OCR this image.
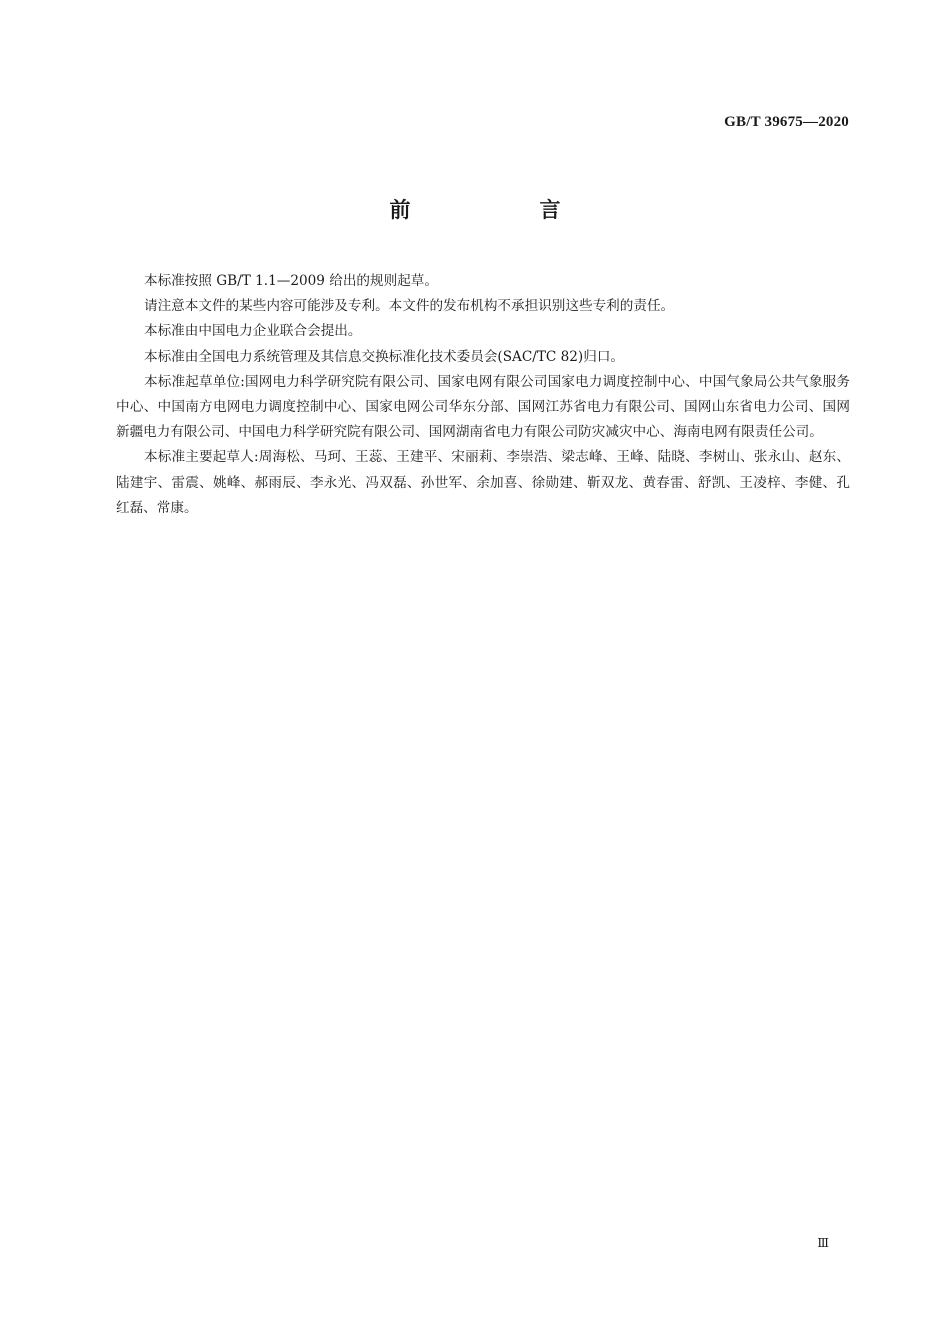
GB/T 39675—2020
前　言

本标准按照 GB/T 1.1—2009 给出的规则起草。

请注意本文件的某些内容可能涉及专利。本文件的发布机构不承担识别这些专利的责任。

本标准由中国电力企业联合会提出。

本标准由全国电力系统管理及其信息交换标准化技术委员会(SAC/TC 82)归口。

本标准起草单位:国网电力科学研究院有限公司、国家电网有限公司国家电力调度控制中心、中国气象局公共气象服务中心、中国南方电网电力调度控制中心、国家电网公司华东分部、国网江苏省电力有限公司、国网山东省电力公司、国网新疆电力有限公司、中国电力科学研究院有限公司、国网湖南省电力有限公司防灾减灾中心、海南电网有限责任公司。

本标准主要起草人:周海松、马珂、王蕊、王建平、宋丽莉、李崇浩、梁志峰、王峰、陆晓、李树山、张永山、赵东、陆建宇、雷震、姚峰、郝雨辰、李永光、冯双磊、孙世军、余加喜、徐勋建、靳双龙、黄春雷、舒凯、王凌梓、李健、孔红磊、常康。

Ⅲ
